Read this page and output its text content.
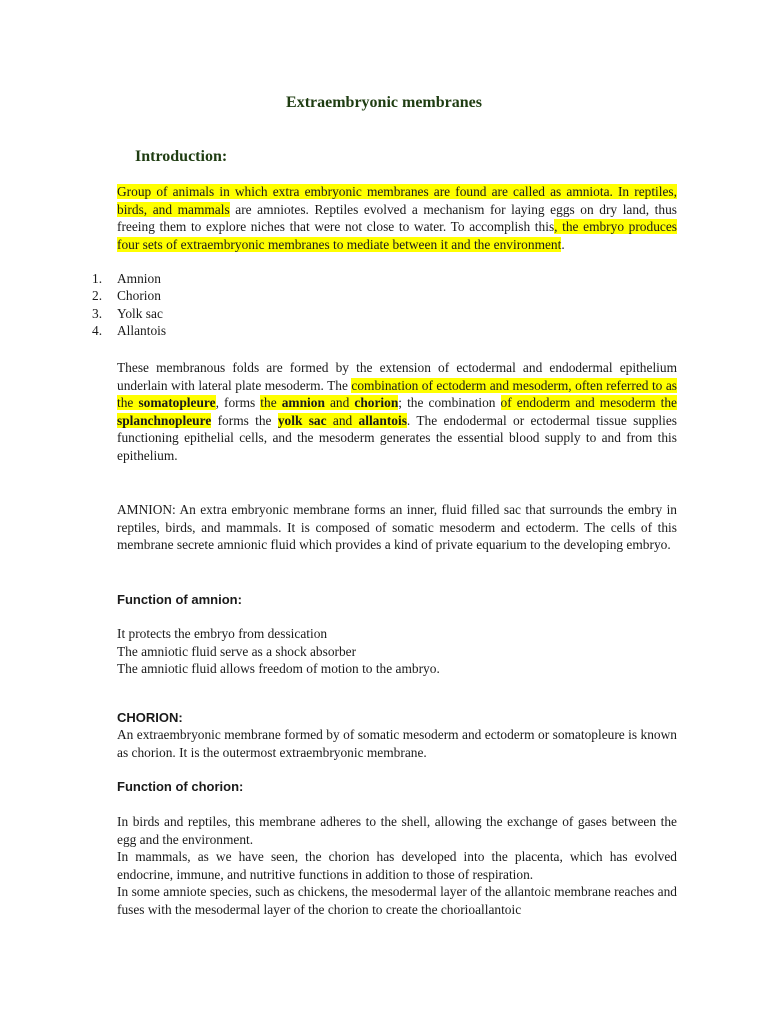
Extraembryonic membranes
Introduction:

Group of animals in which extra embryonic membranes are found are called as amniota. In reptiles, birds, and mammals are amniotes. Reptiles evolved a mechanism for laying eggs on dry land, thus freeing them to explore niches that were not close to water. To accomplish this, the embryo produces four sets of extraembryonic membranes to mediate between it and the environment.

1.	Amnion
2.	Chorion
3.	Yolk sac
4.	Allantois

These membranous folds are formed by the extension of ectodermal and endodermal epithelium underlain with lateral plate mesoderm. The combination of ectoderm and mesoderm, often referred to as the somatopleure, forms the amnion and chorion; the combination of endoderm and mesoderm the splanchnopleure forms the yolk sac and allantois. The endodermal or ectodermal tissue supplies functioning epithelial cells, and the mesoderm generates the essential blood supply to and from this epithelium.

AMNION: An extra embryonic membrane forms an inner, fluid filled sac that surrounds the embry in reptiles, birds, and mammals. It is composed of somatic mesoderm and ectoderm. The cells of this membrane secrete amnionic fluid which provides a kind of private equarium to the developing embryo.

Function of amnion:
It protects the embryo from dessication
The amniotic fluid serve as a shock absorber
The amniotic fluid allows freedom of motion to the ambryo.
CHORION:

An extraembryonic membrane formed by of somatic mesoderm and ectoderm or somatopleure is known as chorion. It is the outermost extraembryonic membrane.

Function of chorion:

In birds and reptiles, this membrane adheres to the shell, allowing the exchange of gases between the egg and the environment.

In mammals, as we have seen, the chorion has developed into the placenta, which has evolved endocrine, immune, and nutritive functions in addition to those of respiration.

In some amniote species, such as chickens, the mesodermal layer of the allantoic membrane reaches and fuses with the mesodermal layer of the chorion to create the chorioallantoic
